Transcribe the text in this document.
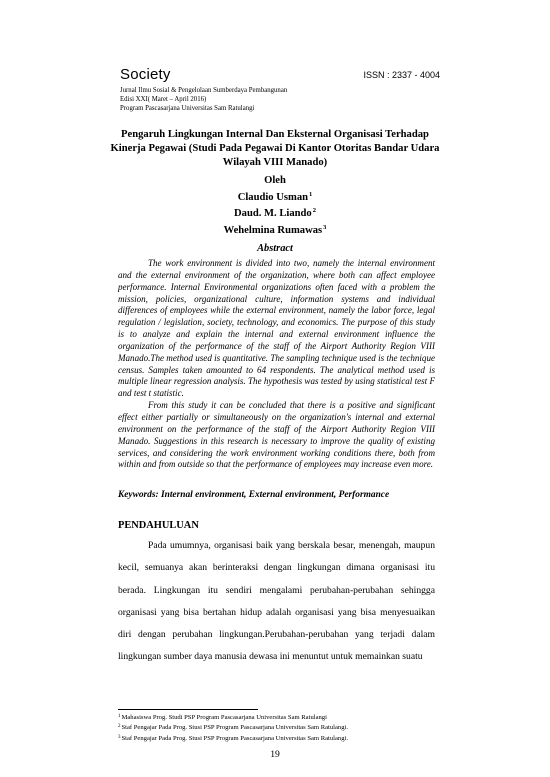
Society	ISSN : 2337 - 4004
Jurnal Ilmu Sosial & Pengelolaan Sumberdaya Pembangunan
Edisi XXI( Maret – April 2016)
Program Pascasarjana Universitas Sam Ratulangi
Pengaruh Lingkungan Internal Dan Eksternal Organisasi Terhadap Kinerja Pegawai (Studi Pada Pegawai Di Kantor Otoritas Bandar Udara Wilayah VIII Manado)
Oleh
Claudio Usman$^1$
Daud. M. Liando$^2$
Wehelmina Rumawas$^3$
Abstract

The work environment is divided into two, namely the internal environment and the external environment of the organization, where both can affect employee performance. Internal Environmental organizations often faced with a problem the mission, policies, organizational culture, information systems and individual differences of employees while the external environment, namely the labor force, legal regulation / legislation, society, technology, and economics. The purpose of this study is to analyze and explain the internal and external environment influence the organization of the performance of the staff of the Airport Authority Region VIII Manado.The method used is quantitative. The sampling technique used is the technique census. Samples taken amounted to 64 respondents. The analytical method used is multiple linear regression analysis. The hypothesis was tested by using statistical test F and test t statistic.

From this study it can be concluded that there is a positive and significant effect either partially or simultaneously on the organization's internal and external environment on the performance of the staff of the Airport Authority Region VIII Manado. Suggestions in this research is necessary to improve the quality of existing services, and considering the work environment working conditions there, both from within and from outside so that the performance of employees may increase even more.

Keywords: Internal environment, External environment, Performance
PENDAHULUAN

Pada umumnya, organisasi baik yang berskala besar, menengah, maupun kecil, semuanya akan berinteraksi dengan lingkungan dimana organisasi itu berada. Lingkungan itu sendiri mengalami perubahan-perubahan sehingga organisasi yang bisa bertahan hidup adalah organisasi yang bisa menyesuaikan diri dengan perubahan lingkungan.Perubahan-perubahan yang terjadi dalam lingkungan sumber daya manusia dewasa ini menuntut untuk memainkan suatu

$^1$Mahasiswa Prog. Studi PSP Program Pascasarjana Universitas Sam Ratulangi
$^2$Staf Pengajar Pada Prog. Stusi PSP Program Pascasarjana Universitas Sam Ratulangi.
$^3$Staf Pengajar Pada Prog. Stusi PSP Program Pascasarjana Universitas Sam Ratulangi.
19
